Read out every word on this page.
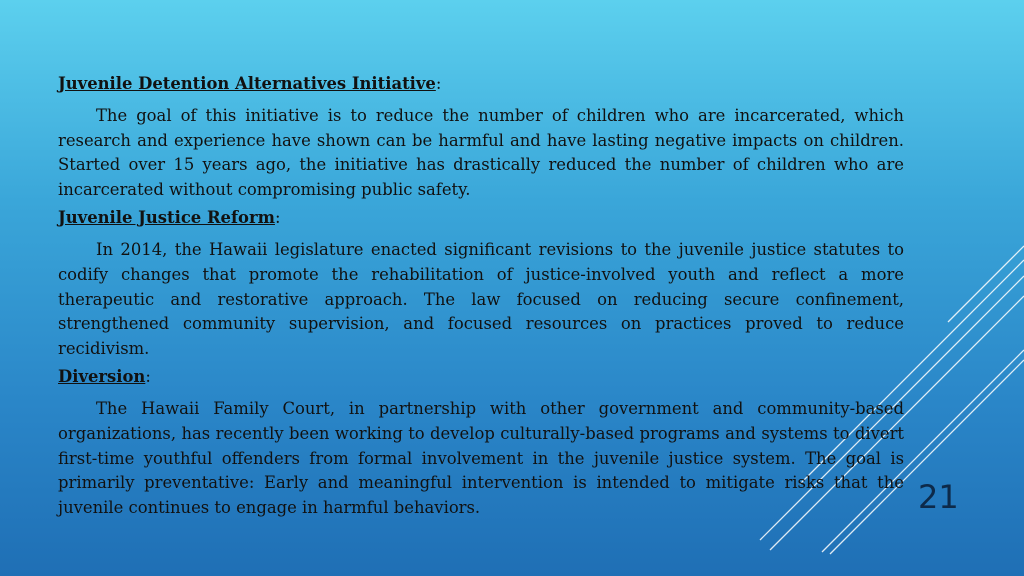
Juvenile Detention Alternatives Initiative:

The goal of this initiative is to reduce the number of children who are incarcerated, which research and experience have shown can be harmful and have lasting negative impacts on children. Started over 15 years ago, the initiative has drastically reduced the number of children who are incarcerated without compromising public safety.

Juvenile Justice Reform:

In 2014, the Hawaii legislature enacted significant revisions to the juvenile justice statutes to codify changes that promote the rehabilitation of justice-involved youth and reflect a more therapeutic and restorative approach. The law focused on reducing secure confinement, strengthened community supervision, and focused resources on practices proved to reduce recidivism.

Diversion:

The Hawaii Family Court, in partnership with other government and community-based organizations, has recently been working to develop culturally-based programs and systems to divert first-time youthful offenders from formal involvement in the juvenile justice system. The goal is primarily preventative: Early and meaningful intervention is intended to mitigate risks that the juvenile continues to engage in harmful behaviors.	21
